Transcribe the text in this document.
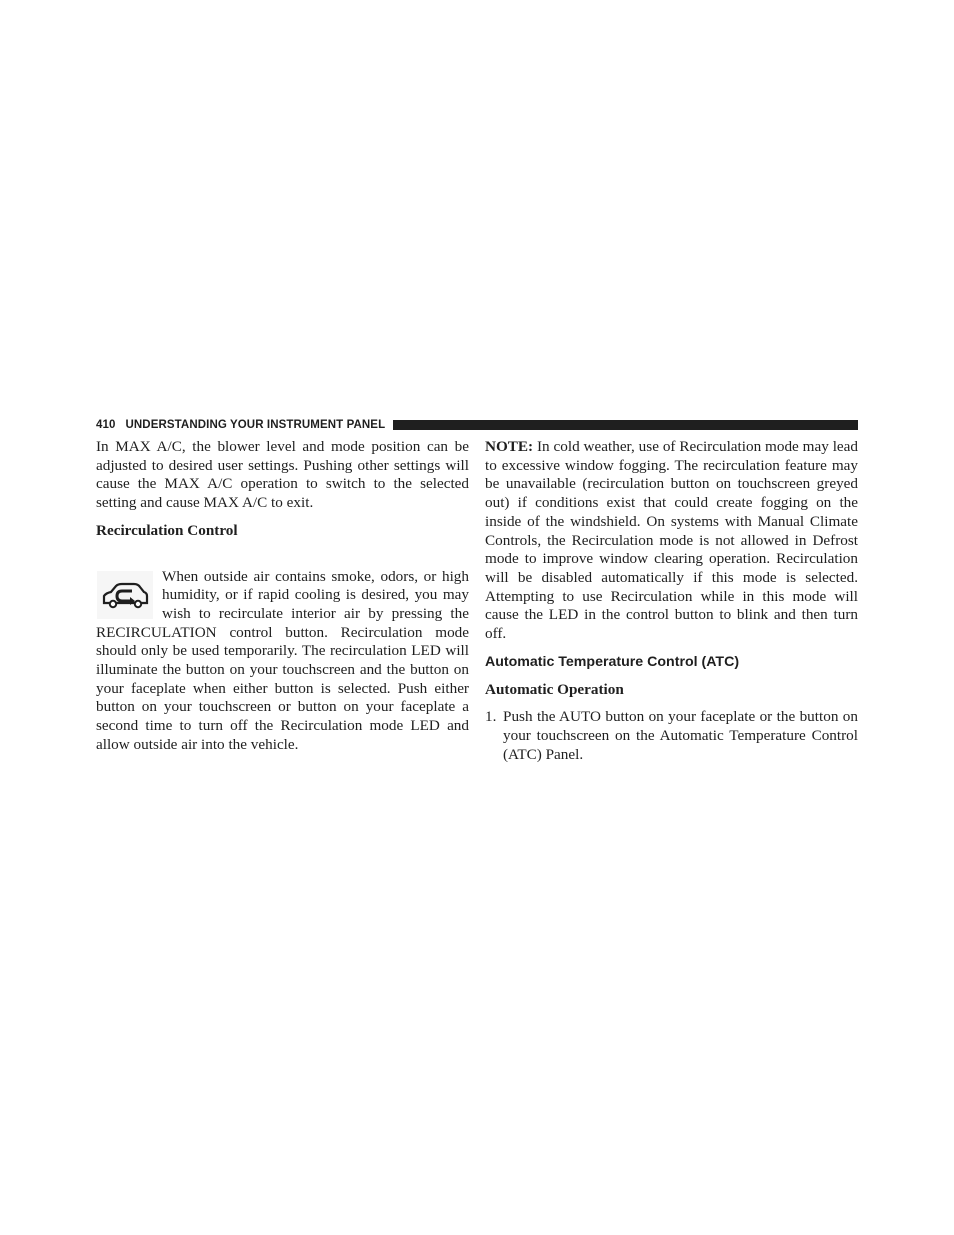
410 UNDERSTANDING YOUR INSTRUMENT PANEL

In MAX A/C, the blower level and mode position can be adjusted to desired user settings. Pushing other settings will cause the MAX A/C operation to switch to the selected setting and cause MAX A/C to exit.

Recirculation Control

When outside air contains smoke, odors, or high humidity, or if rapid cooling is desired, you may wish to recirculate interior air by pressing the RECIRCULATION control button. Recirculation mode should only be used temporarily. The recirculation LED will illuminate the button on your touchscreen and the button on your faceplate when either button is selected. Push either button on your touchscreen or button on your faceplate a second time to turn off the Recirculation mode LED and allow outside air into the vehicle.

NOTE: In cold weather, use of Recirculation mode may lead to excessive window fogging. The recirculation feature may be unavailable (recirculation button on touchscreen greyed out) if conditions exist that could create fogging on the inside of the windshield. On systems with Manual Climate Controls, the Recirculation mode is not allowed in Defrost mode to improve window clearing operation. Recirculation will be disabled automatically if this mode is selected. Attempting to use Recirculation while in this mode will cause the LED in the control button to blink and then turn off.

Automatic Temperature Control (ATC)
Automatic Operation
1. Push the AUTO button on your faceplate or the button on your touchscreen on the Automatic Temperature Control (ATC) Panel.
